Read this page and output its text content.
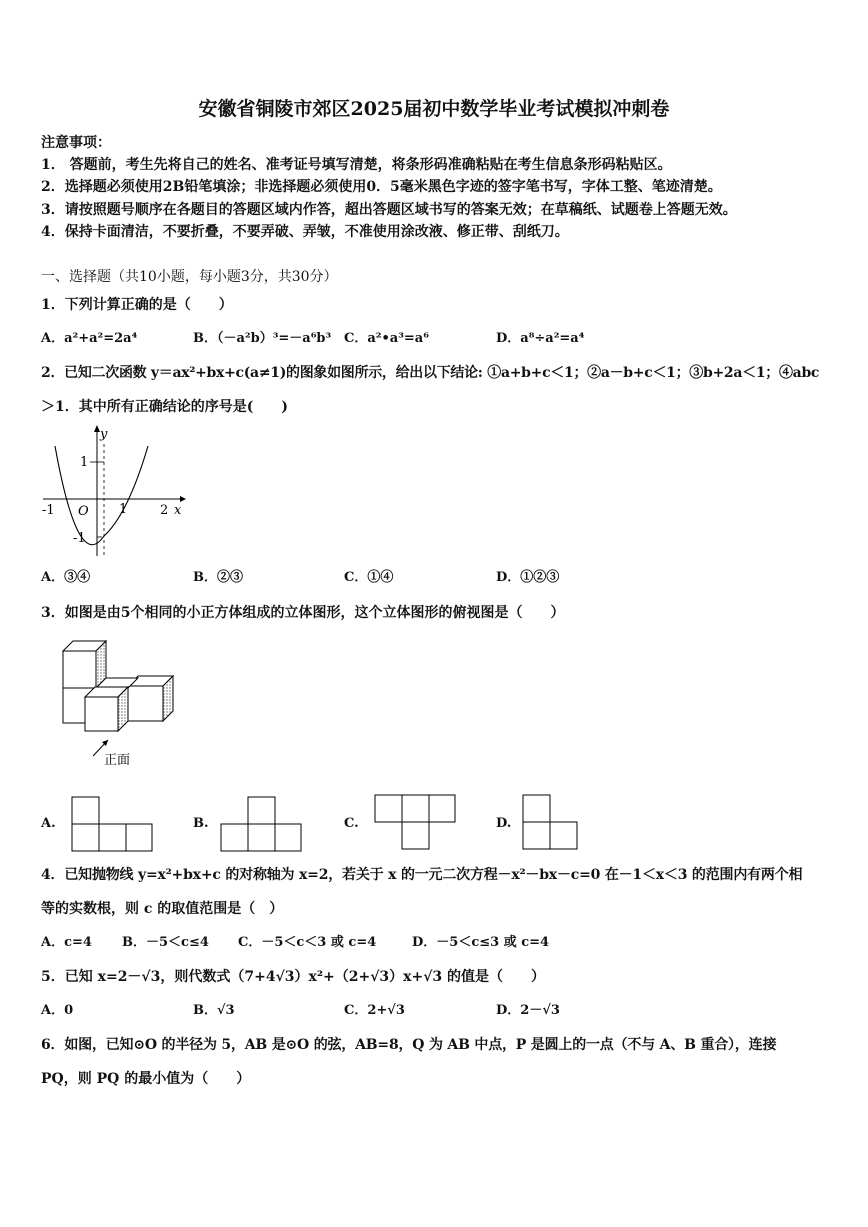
安徽省铜陵市郊区2025届初中数学毕业考试模拟冲刺卷
注意事项：
1． 答题前，考生先将自己的姓名、准考证号填写清楚，将条形码准确粘贴在考生信息条形码粘贴区。
2．选择题必须使用2B铅笔填涂；非选择题必须使用0．5毫米黑色字迹的签字笔书写，字体工整、笔迹清楚。
3．请按照题号顺序在各题目的答题区域内作答，超出答题区域书写的答案无效；在草稿纸、试题卷上答题无效。
4．保持卡面清洁，不要折叠，不要弄破、弄皱，不准使用涂改液、修正带、刮纸刀。
一、选择题（共10小题，每小题3分，共30分）
1．下列计算正确的是（　　）
A．a²+a²=2a⁴	B．（－a²b）³=－a⁶b³ C．a²•a³=a⁶	D．a⁸÷a²=a⁴
2．已知二次函数 y＝ax²+bx+c(a≠1)的图象如图所示，给出以下结论: ①a+b+c＜1；②a－b+c＜1；③b+2a＜1；④abc
＞1．其中所有正确结论的序号是(　　)
y
x
1
-1
-1 O 1	2
A．③④	B．②③	C．①④	D．①②③
3．如图是由5个相同的小正方体组成的立体图形，这个立体图形的俯视图是（　　）
正面
A.	B.	C.	D.
4．已知抛物线 y=x²+bx+c 的对称轴为 x=2，若关于 x 的一元二次方程－x²－bx－c=0 在－1＜x＜3 的范围内有两个相
等的实数根，则 c 的取值范围是（　）
A．c=4 B．－5＜c≤4 C．－5＜c＜3 或 c=4	D．－5＜c≤3 或 c=4
5．已知 x=2－√3，则代数式（7+4√3）x²+（2+√3）x+√3 的值是（　　）
A．0	B．√3	C．2+√3	D．2－√3
6．如图，已知⊙O 的半径为 5，AB 是⊙O 的弦，AB=8，Q 为 AB 中点，P 是圆上的一点（不与 A、B 重合），连接
PQ，则 PQ 的最小值为（　　）
